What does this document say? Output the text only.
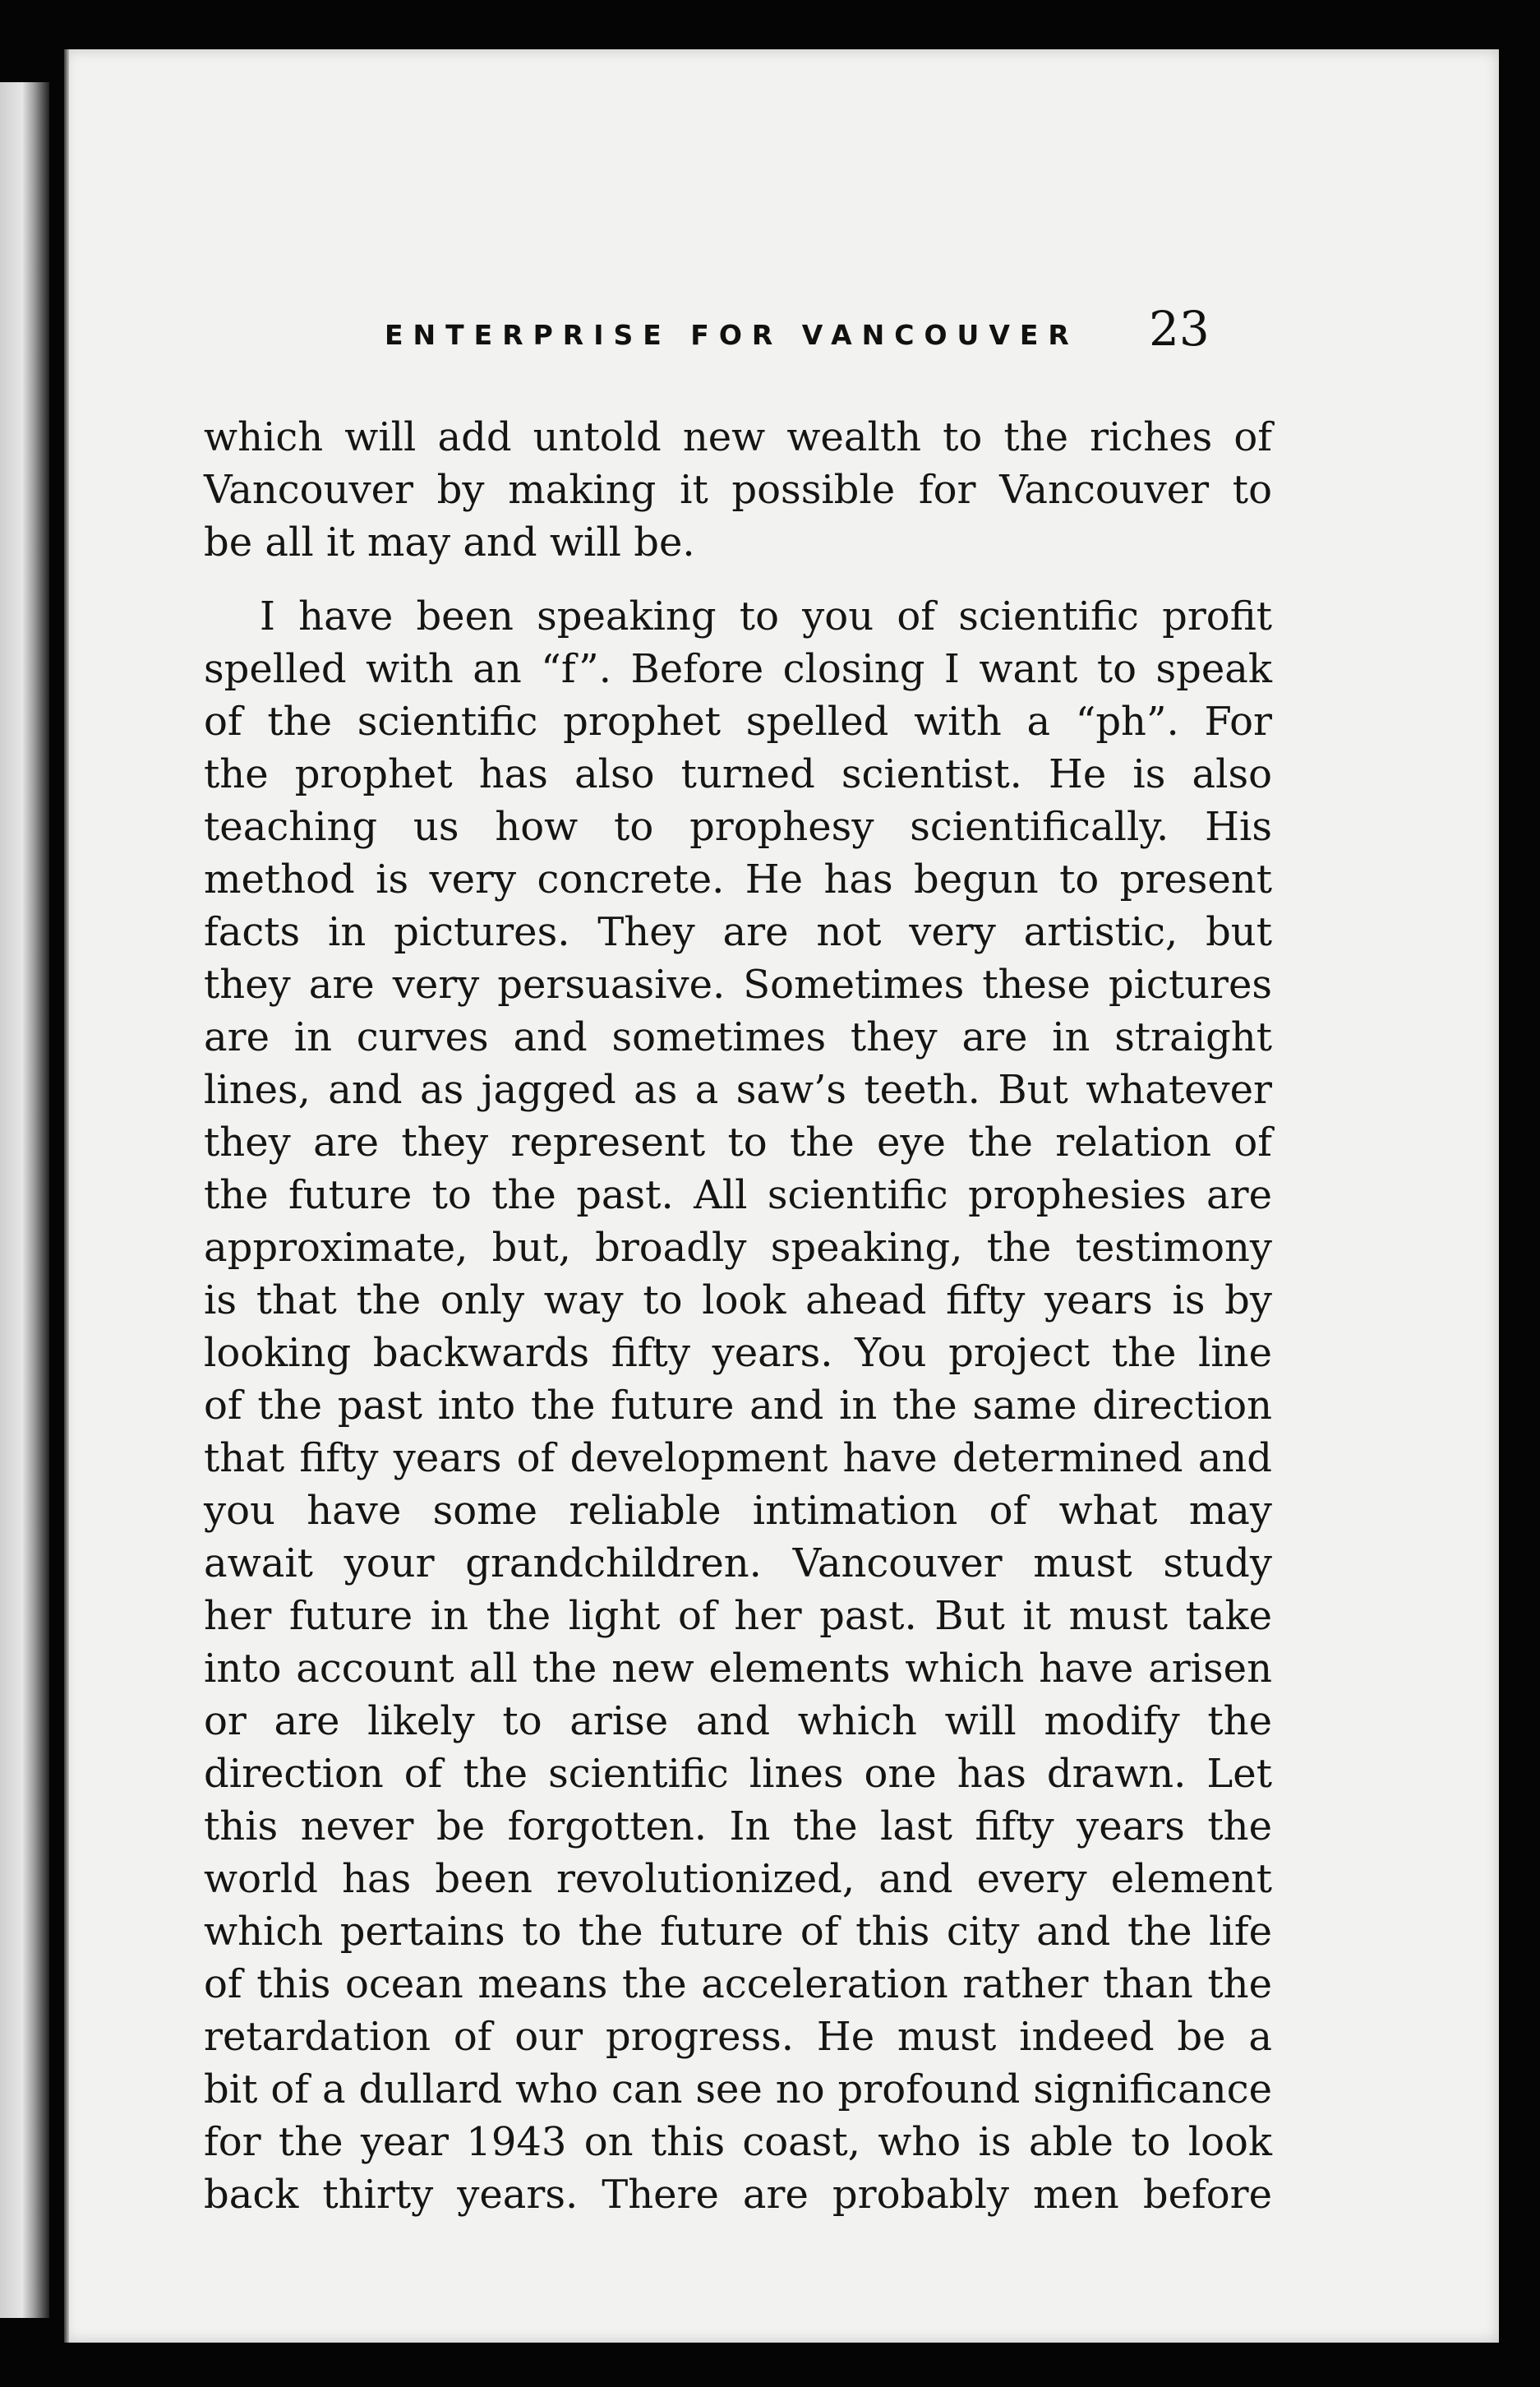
ENTERPRISE FOR VANCOUVER 23
which will add untold new wealth to the riches of
Vancouver by making it possible for Vancouver to
be all it may and will be.
I have been speaking to you of scientific profit
spelled with an “f”. Before closing I want to speak
of the scientific prophet spelled with a “ph”. For
the prophet has also turned scientist. He is also
teaching us how to prophesy scientifically. His
method is very concrete. He has begun to present
facts in pictures. They are not very artistic, but
they are very persuasive. Sometimes these pictures
are in curves and sometimes they are in straight
lines, and as jagged as a saw’s teeth. But whatever
they are they represent to the eye the relation of
the future to the past. All scientific prophesies are
approximate, but, broadly speaking, the testimony
is that the only way to look ahead fifty years is by
looking backwards fifty years. You project the line
of the past into the future and in the same direction
that fifty years of development have determined and
you have some reliable intimation of what may
await your grandchildren. Vancouver must study
her future in the light of her past. But it must take
into account all the new elements which have arisen
or are likely to arise and which will modify the
direction of the scientific lines one has drawn. Let
this never be forgotten. In the last fifty years the
world has been revolutionized, and every element
which pertains to the future of this city and the life
of this ocean means the acceleration rather than the
retardation of our progress. He must indeed be a
bit of a dullard who can see no profound significance
for the year 1943 on this coast, who is able to look
back thirty years. There are probably men before
